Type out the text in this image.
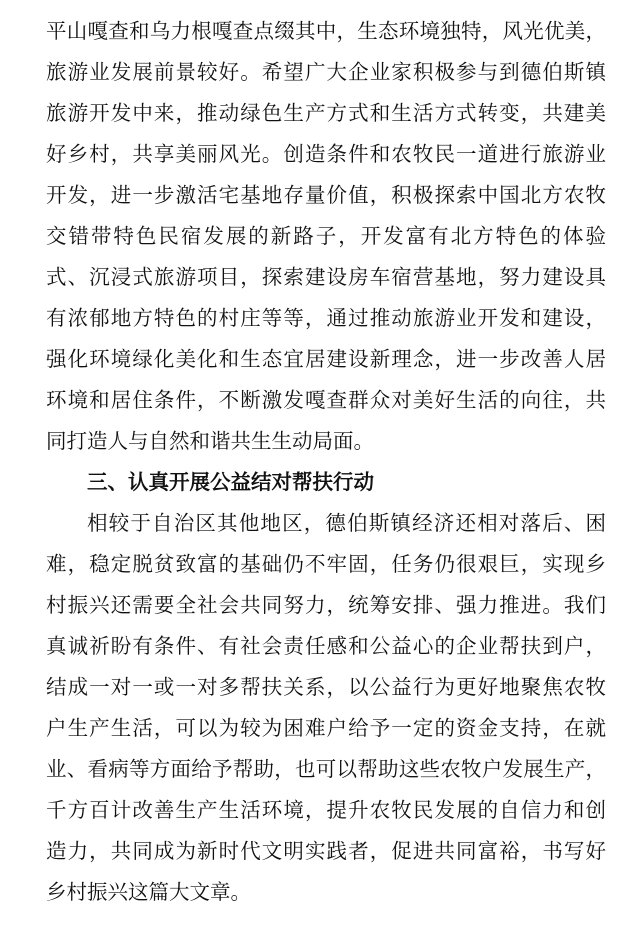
平山嘎查和乌力根嘎查点缀其中，生态环境独特，风光优美，
旅游业发展前景较好。希望广大企业家积极参与到德伯斯镇
旅游开发中来，推动绿色生产方式和生活方式转变，共建美
好乡村，共享美丽风光。创造条件和农牧民一道进行旅游业
开发，进一步激活宅基地存量价值，积极探索中国北方农牧
交错带特色民宿发展的新路子，开发富有北方特色的体验
式、沉浸式旅游项目，探索建设房车宿营基地，努力建设具
有浓郁地方特色的村庄等等，通过推动旅游业开发和建设，
强化环境绿化美化和生态宜居建设新理念，进一步改善人居
环境和居住条件，不断激发嘎查群众对美好生活的向往，共
同打造人与自然和谐共生生动局面。
三、认真开展公益结对帮扶行动
相较于自治区其他地区，德伯斯镇经济还相对落后、困
难，稳定脱贫致富的基础仍不牢固，任务仍很艰巨，实现乡
村振兴还需要全社会共同努力，统筹安排、强力推进。我们
真诚祈盼有条件、有社会责任感和公益心的企业帮扶到户，
结成一对一或一对多帮扶关系，以公益行为更好地聚焦农牧
户生产生活，可以为较为困难户给予一定的资金支持，在就
业、看病等方面给予帮助，也可以帮助这些农牧户发展生产，
千方百计改善生产生活环境，提升农牧民发展的自信力和创
造力，共同成为新时代文明实践者，促进共同富裕，书写好
乡村振兴这篇大文章。
